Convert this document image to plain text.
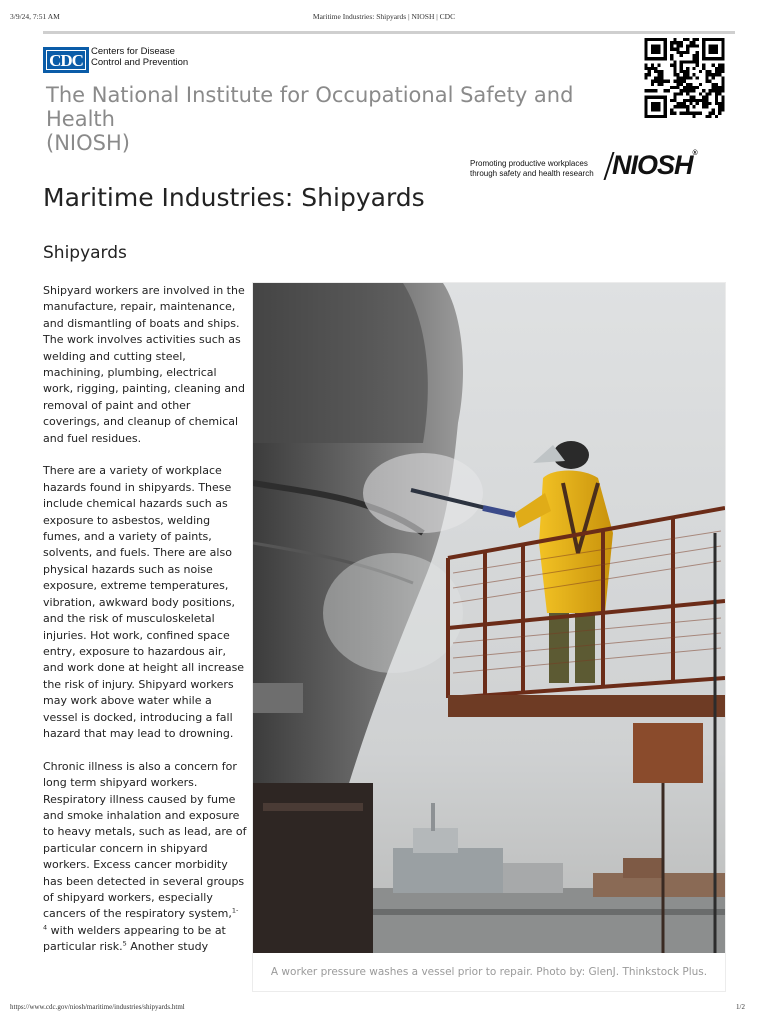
3/9/24, 7:51 AM	Maritime Industries: Shipyards | NIOSH | CDC
CDC Centers for Disease
Control and Prevention
The National Institute for Occupational Safety and Health
(NIOSH)
Promoting productive workplaces
through safety and health research NIOSH®
Maritime Industries: Shipyards
Shipyards

Shipyard workers are involved in the manufacture, repair, maintenance, and dismantling of boats and ships. The work involves activities such as welding and cutting steel, machining, plumbing, electrical work, rigging, painting, cleaning and removal of paint and other coverings, and cleanup of chemical and fuel residues.

There are a variety of workplace hazards found in shipyards. These include chemical hazards such as exposure to asbestos, welding fumes, and a variety of paints, solvents, and fuels. There are also physical hazards such as noise exposure, extreme temperatures, vibration, awkward body positions, and the risk of musculoskeletal injuries. Hot work, confined space entry, exposure to hazardous air, and work done at height all increase the risk of injury. Shipyard workers may work above water while a vessel is docked, introducing a fall hazard that may lead to drowning.

Chronic illness is also a concern for long term shipyard workers. Respiratory illness caused by fume and smoke inhalation and exposure to heavy metals, such as lead, are of particular concern in shipyard workers. Excess cancer morbidity has been detected in several groups of shipyard workers, especially cancers of the respiratory system,$^{1- 4}$ with welders appearing to be at particular risk.$^5$ Another study

A worker pressure washes a vessel prior to repair. Photo by: GlenJ. Thinkstock Plus.
https://www.cdc.gov/niosh/maritime/industries/shipyards.html	1/2
